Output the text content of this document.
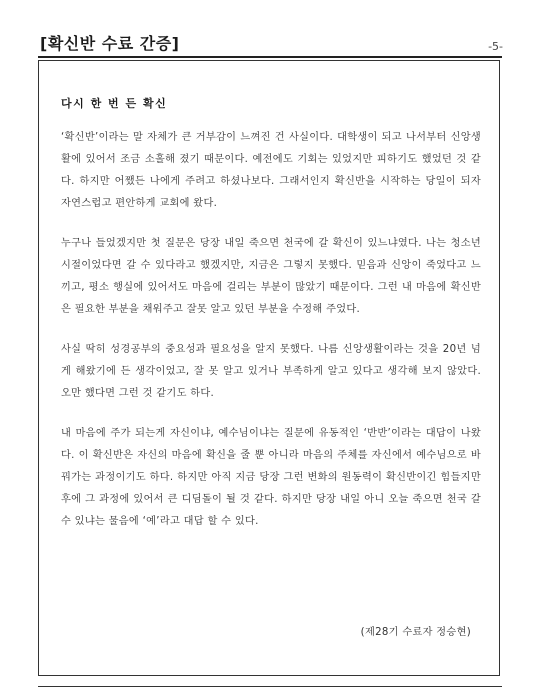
[확신반 수료 간증]	-5-
다시 한 번 든 확신

‘확신반’이라는 말 자체가 큰 거부감이 느껴진 건 사실이다. 대학생이 되고 나서부터 신앙생활에 있어서 조금 소홀해 졌기 때문이다. 예전에도 기회는 있었지만 피하기도 했었던 것 같다. 하지만 어쨌든 나에게 주려고 하셨나보다. 그래서인지 확신반을 시작하는 당일이 되자 자연스럽고 편안하게 교회에 왔다.

누구나 들었겠지만 첫 질문은 당장 내일 죽으면 천국에 갈 확신이 있느냐였다. 나는 청소년 시절이었다면 갈 수 있다라고 했겠지만, 지금은 그렇지 못했다. 믿음과 신앙이 죽었다고 느끼고, 평소 행실에 있어서도 마음에 걸리는 부분이 많았기 때문이다. 그런 내 마음에 확신반은 필요한 부분을 채워주고 잘못 알고 있던 부분을 수정해 주었다.

사실 딱히 성경공부의 중요성과 필요성을 알지 못했다. 나름 신앙생활이라는 것을 20년 넘게 해왔기에 든 생각이었고, 잘 못 알고 있거나 부족하게 알고 있다고 생각해 보지 않았다. 오만 했다면 그런 것 같기도 하다.

내 마음에 주가 되는게 자신이냐, 예수님이냐는 질문에 유동적인 ‘반반’이라는 대답이 나왔다. 이 확신반은 자신의 마음에 확신을 줄 뿐 아니라 마음의 주체를 자신에서 예수님으로 바꿔가는 과정이기도 하다. 하지만 아직 지금 당장 그런 변화의 원동력이 확신반이긴 힘들지만 후에 그 과정에 있어서 큰 디딤돌이 될 것 같다. 하지만 당장 내일 아니 오늘 죽으면 천국 갈 수 있냐는 물음에 ‘예’라고 대답 할 수 있다.

(제28기 수료자 정승현)
